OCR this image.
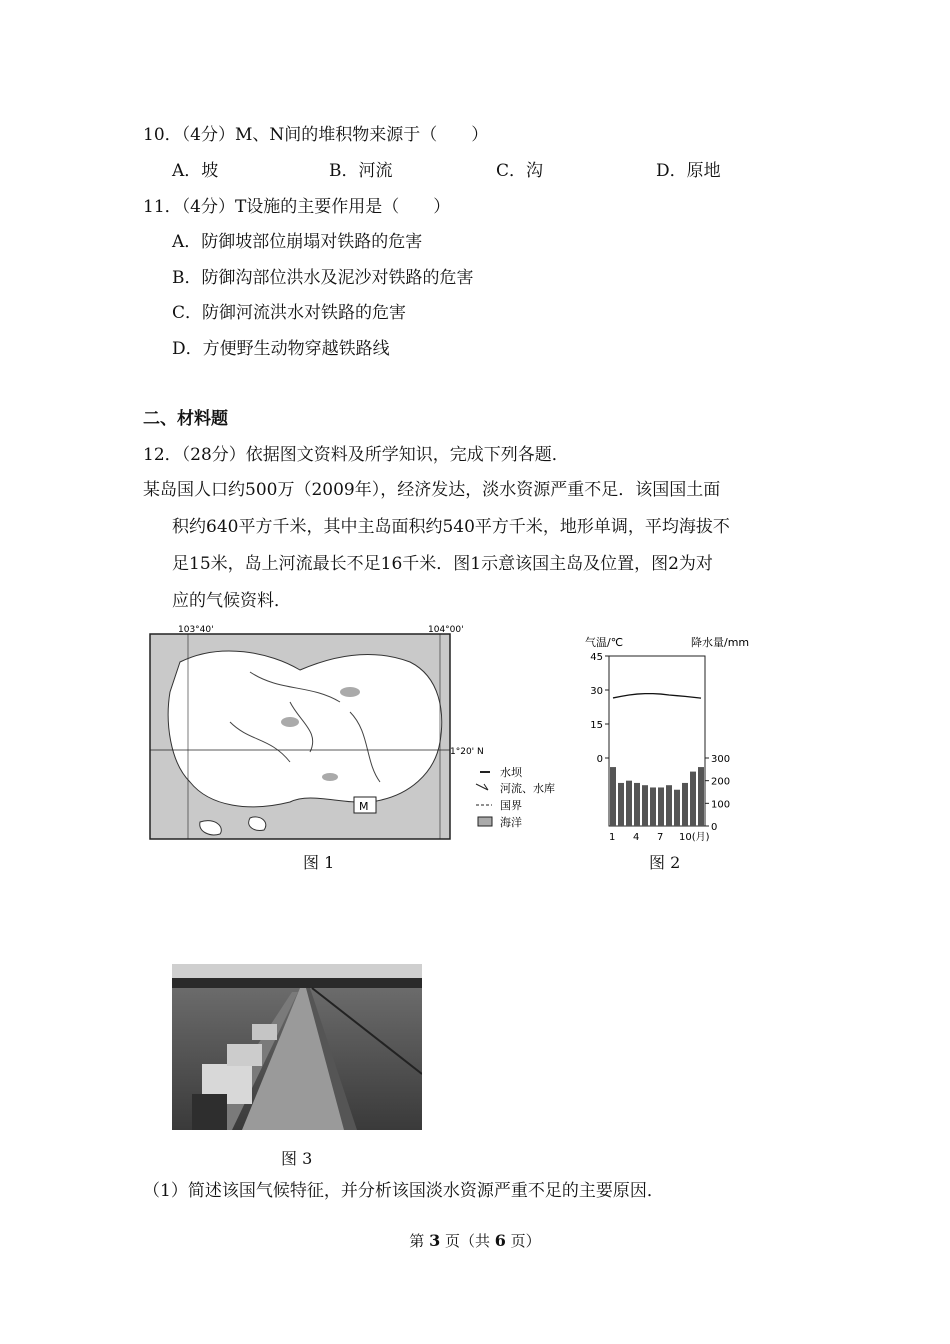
10．（4分）M、N间的堆积物来源于（　　）
A．坡	B．河流	C．沟	D．原地
11．（4分）T设施的主要作用是（　　）
A．防御坡部位崩塌对铁路的危害
B．防御沟部位洪水及泥沙对铁路的危害
C．防御河流洪水对铁路的危害
D．方便野生动物穿越铁路线
二、材料题
12．（28分）依据图文资料及所学知识，完成下列各题．
某岛国人口约500万（2009年），经济发达，淡水资源严重不足．该国国土面
积约640平方千米，其中主岛面积约540平方千米，地形单调，平均海拔不
足15米，岛上河流最长不足16千米．图1示意该国主岛及位置，图2为对
应的气候资料．
M
103°40'	104°00'
1°20' N
水坝
河流、水库
国界
海洋
图 1
气温/℃	降水量/mm
45
30
15
0	300
200
100
0
1 4 7 10(月)
图 2
图 3
（1）简述该国气候特征，并分析该国淡水资源严重不足的主要原因．
第 3 页（共 6 页）
